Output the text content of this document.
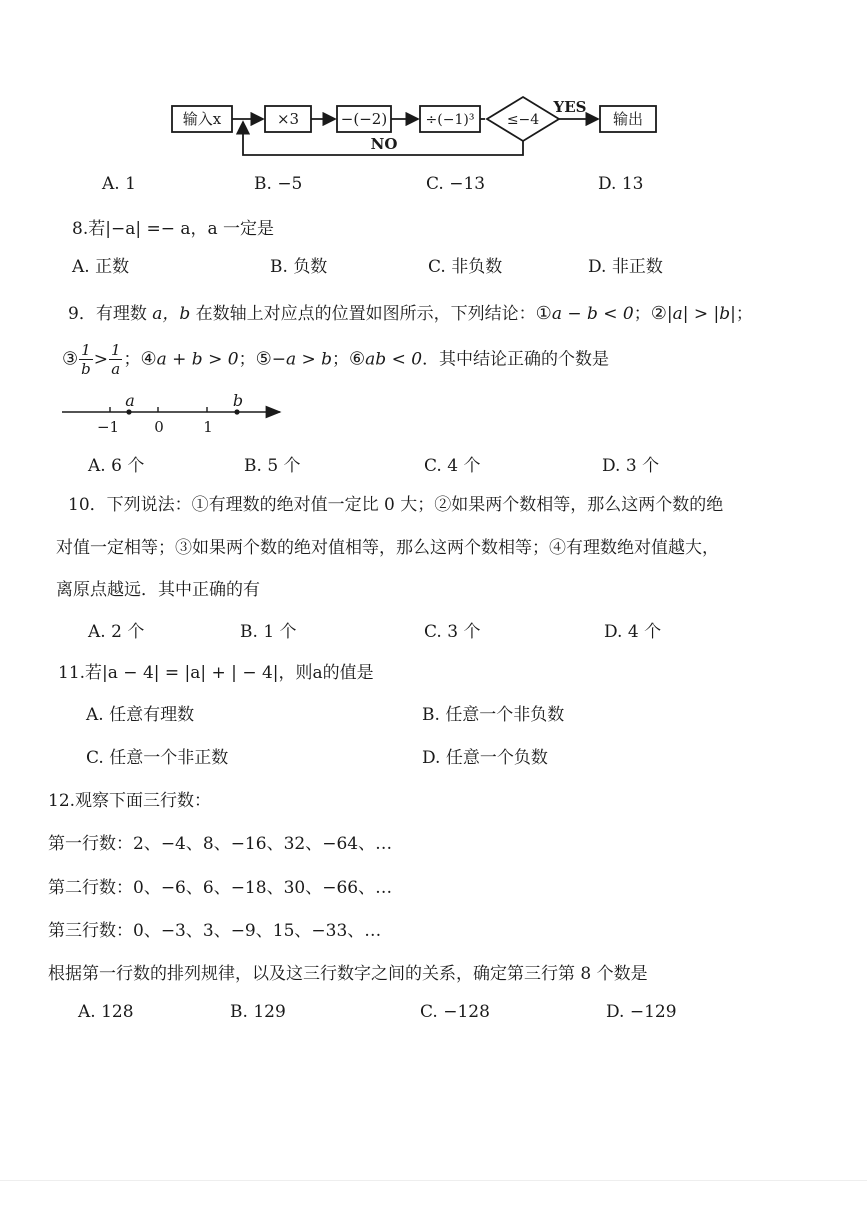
输入x	×3	−(−2)	÷(−1)³ ≤−4
YES
NO
输出
A. 1	B. −5	C. −13	D. 13
8.若|−a| =− a，a 一定是
A. 正数	B. 负数	C. 非负数	D. 非正数
9．有理数 a，b 在数轴上对应点的位置如图所示，下列结论：①a − b < 0；②|a| > |b|；
③ $\frac{1}{b} > \frac{1}{a}$ ；④a + b > 0；⑤−a > b；⑥ab < 0．其中结论正确的个数是
a	b
−1 0	1
A. 6 个	B. 5 个	C. 4 个	D. 3 个
10．下列说法：①有理数的绝对值一定比 0 大；②如果两个数相等，那么这两个数的绝
对值一定相等；③如果两个数的绝对值相等，那么这两个数相等；④有理数绝对值越大，
离原点越远．其中正确的有
A. 2 个	B. 1 个	C. 3 个	D. 4 个
11.若|a − 4| = |a| + | − 4|，则a的值是
A. 任意有理数	B. 任意一个非负数
C. 任意一个非正数	D. 任意一个负数
12.观察下面三行数：
第一行数：2、−4、8、−16、32、−64、…
第二行数：0、−6、6、−18、30、−66、…
第三行数：0、−3、3、−9、15、−33、…
根据第一行数的排列规律，以及这三行数字之间的关系，确定第三行第 8 个数是
A. 128	B. 129	C. −128	D. −129
